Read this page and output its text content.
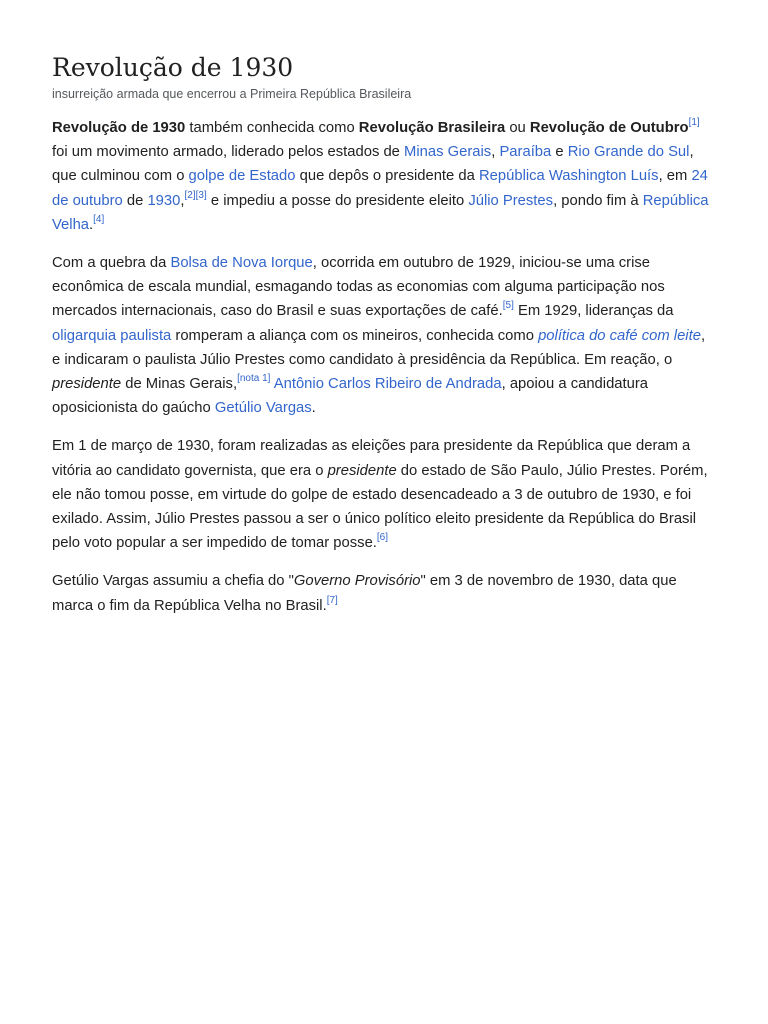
Revolução de 1930
insurreição armada que encerrou a Primeira República Brasileira

Revolução de 1930 também conhecida como Revolução Brasileira ou Revolução de Outubro[1] foi um movimento armado, liderado pelos estados de Minas Gerais, Paraíba e Rio Grande do Sul, que culminou com o golpe de Estado que depôs o presidente da República Washington Luís, em 24 de outubro de 1930,[2][3] e impediu a posse do presidente eleito Júlio Prestes, pondo fim à República Velha.[4]

Com a quebra da Bolsa de Nova Iorque, ocorrida em outubro de 1929, iniciou-se uma crise econômica de escala mundial, esmagando todas as economias com alguma participação nos mercados internacionais, caso do Brasil e suas exportações de café.[5] Em 1929, lideranças da oligarquia paulista romperam a aliança com os mineiros, conhecida como política do café com leite, e indicaram o paulista Júlio Prestes como candidato à presidência da República. Em reação, o presidente de Minas Gerais,[nota 1] Antônio Carlos Ribeiro de Andrada, apoiou a candidatura oposicionista do gaúcho Getúlio Vargas.

Em 1 de março de 1930, foram realizadas as eleições para presidente da República que deram a vitória ao candidato governista, que era o presidente do estado de São Paulo, Júlio Prestes. Porém, ele não tomou posse, em virtude do golpe de estado desencadeado a 3 de outubro de 1930, e foi exilado. Assim, Júlio Prestes passou a ser o único político eleito presidente da República do Brasil pelo voto popular a ser impedido de tomar posse.[6]

Getúlio Vargas assumiu a chefia do "Governo Provisório" em 3 de novembro de 1930, data que marca o fim da República Velha no Brasil.[7]
